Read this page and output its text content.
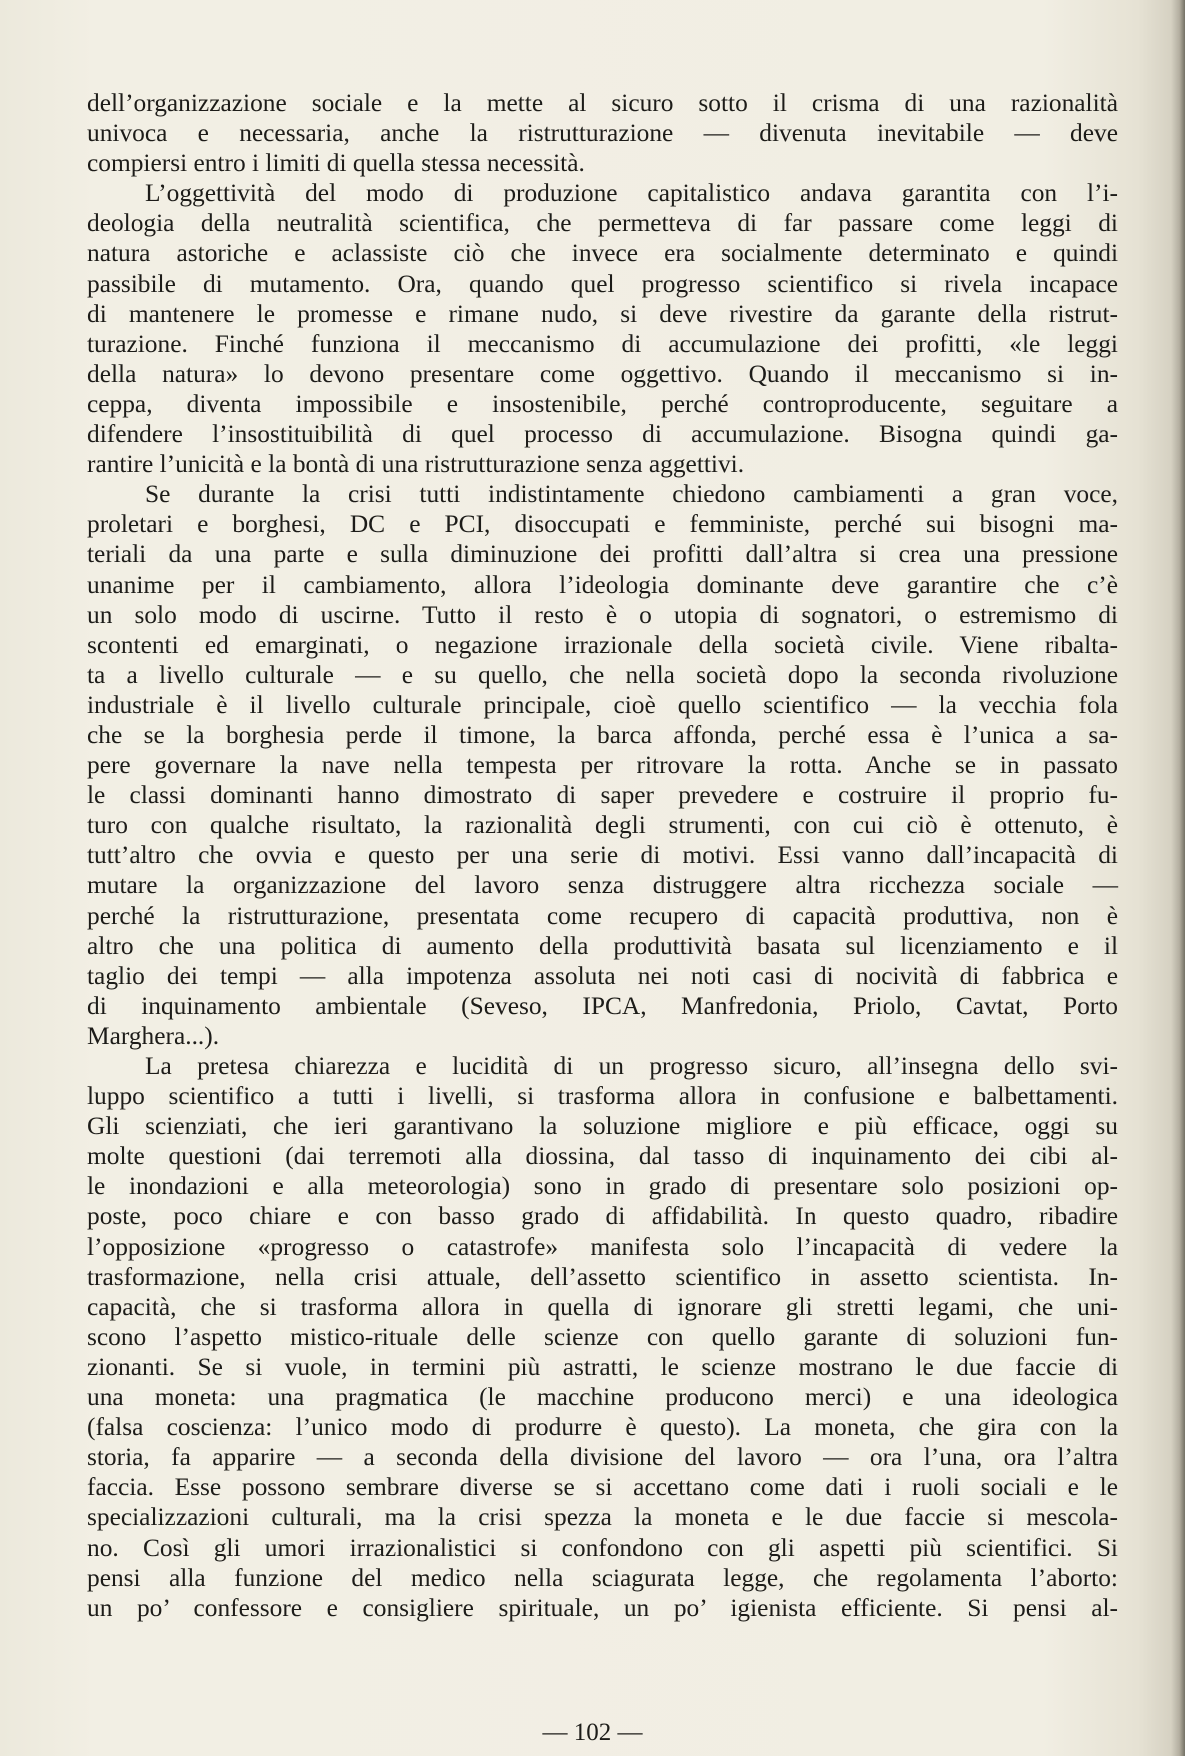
dell’organizzazione sociale e la mette al sicuro sotto il crisma di una razionalità
univoca e necessaria, anche la ristrutturazione — divenuta inevitabile — deve
compiersi entro i limiti di quella stessa necessità.

L’oggettività del modo di produzione capitalistico andava garantita con l’i-
deologia della neutralità scientifica, che permetteva di far passare come leggi di
natura astoriche e aclassiste ciò che invece era socialmente determinato e quindi
passibile di mutamento. Ora, quando quel progresso scientifico si rivela incapace
di mantenere le promesse e rimane nudo, si deve rivestire da garante della ristrut-
turazione. Finché funziona il meccanismo di accumulazione dei profitti, «le leggi
della natura» lo devono presentare come oggettivo. Quando il meccanismo si in-
ceppa, diventa impossibile e insostenibile, perché controproducente, seguitare a
difendere l’insostituibilità di quel processo di accumulazione. Bisogna quindi ga-
rantire l’unicità e la bontà di una ristrutturazione senza aggettivi.

Se durante la crisi tutti indistintamente chiedono cambiamenti a gran voce,
proletari e borghesi, DC e PCI, disoccupati e femministe, perché sui bisogni ma-
teriali da una parte e sulla diminuzione dei profitti dall’altra si crea una pressione
unanime per il cambiamento, allora l’ideologia dominante deve garantire che c’è
un solo modo di uscirne. Tutto il resto è o utopia di sognatori, o estremismo di
scontenti ed emarginati, o negazione irrazionale della società civile. Viene ribalta-
ta a livello culturale — e su quello, che nella società dopo la seconda rivoluzione
industriale è il livello culturale principale, cioè quello scientifico — la vecchia fola
che se la borghesia perde il timone, la barca affonda, perché essa è l’unica a sa-
pere governare la nave nella tempesta per ritrovare la rotta. Anche se in passato
le classi dominanti hanno dimostrato di saper prevedere e costruire il proprio fu-
turo con qualche risultato, la razionalità degli strumenti, con cui ciò è ottenuto, è
tutt’altro che ovvia e questo per una serie di motivi. Essi vanno dall’incapacità di
mutare la organizzazione del lavoro senza distruggere altra ricchezza sociale —
perché la ristrutturazione, presentata come recupero di capacità produttiva, non è
altro che una politica di aumento della produttività basata sul licenziamento e il
taglio dei tempi — alla impotenza assoluta nei noti casi di nocività di fabbrica e
di inquinamento ambientale (Seveso, IPCA, Manfredonia, Priolo, Cavtat, Porto
Marghera...).

La pretesa chiarezza e lucidità di un progresso sicuro, all’insegna dello svi-
luppo scientifico a tutti i livelli, si trasforma allora in confusione e balbettamenti.
Gli scienziati, che ieri garantivano la soluzione migliore e più efficace, oggi su
molte questioni (dai terremoti alla diossina, dal tasso di inquinamento dei cibi al-
le inondazioni e alla meteorologia) sono in grado di presentare solo posizioni op-
poste, poco chiare e con basso grado di affidabilità. In questo quadro, ribadire
l’opposizione «progresso o catastrofe» manifesta solo l’incapacità di vedere la
trasformazione, nella crisi attuale, dell’assetto scientifico in assetto scientista. In-
capacità, che si trasforma allora in quella di ignorare gli stretti legami, che uni-
scono l’aspetto mistico-rituale delle scienze con quello garante di soluzioni fun-
zionanti. Se si vuole, in termini più astratti, le scienze mostrano le due faccie di
una moneta: una pragmatica (le macchine producono merci) e una ideologica
(falsa coscienza: l’unico modo di produrre è questo). La moneta, che gira con la
storia, fa apparire — a seconda della divisione del lavoro — ora l’una, ora l’altra
faccia. Esse possono sembrare diverse se si accettano come dati i ruoli sociali e le
specializzazioni culturali, ma la crisi spezza la moneta e le due faccie si mescola-
no. Così gli umori irrazionalistici si confondono con gli aspetti più scientifici. Si
pensi alla funzione del medico nella sciagurata legge, che regolamenta l’aborto:
un po’ confessore e consigliere spirituale, un po’ igienista efficiente. Si pensi al-

— 102 —
